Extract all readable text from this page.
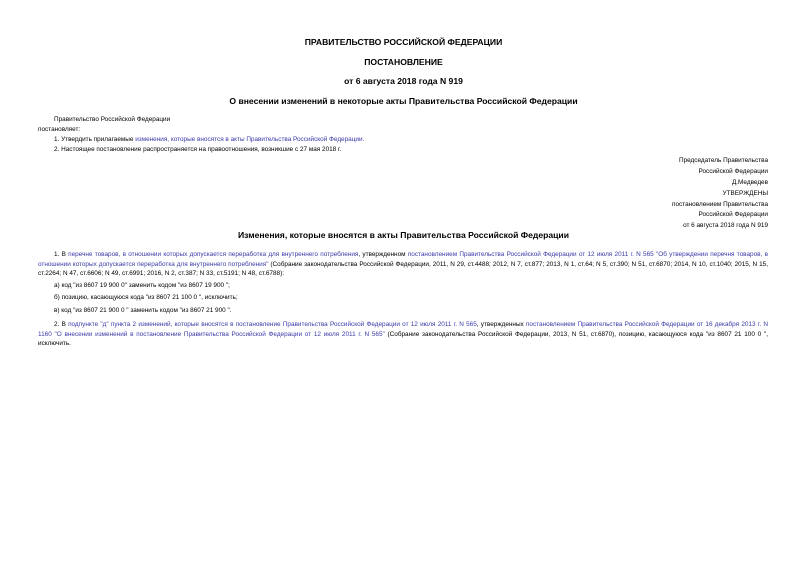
ПРАВИТЕЛЬСТВО РОССИЙСКОЙ ФЕДЕРАЦИИ
ПОСТАНОВЛЕНИЕ
от 6 августа 2018 года N 919
О внесении изменений в некоторые акты Правительства Российской Федерации
Правительство Российской Федерации
постановляет:
1. Утвердить прилагаемые изменения, которые вносятся в акты Правительства Российской Федерации.
2. Настоящее постановление распространяется на правоотношения, возникшие с 27 мая 2018 г.
Председатель Правительства
Российской Федерации
Д.Медведев
УТВЕРЖДЕНЫ
постановлением Правительства
Российской Федерации
от 6 августа 2018 года N 919
Изменения, которые вносятся в акты Правительства Российской Федерации
1. В перечне товаров, в отношении которых допускается переработка для внутреннего потребления, утвержденном постановлением Правительства Российской Федерации от 12 июля 2011 г. N 565 "Об утверждении перечня товаров, в отношении которых допускается переработка для внутреннего потребления" (Собрание законодательства Российской Федерации, 2011, N 29, ст.4488; 2012, N 7, ст.877; 2013, N 1, ст.64; N 5, ст.390; N 51, ст.6870; 2014, N 10, ст.1040; 2015, N 15, ст.2264; N 47, ст.6606; N 49, ст.6991; 2016, N 2, ст.387; N 33, ст.5191; N 48, ст.6788):
а) код "из 8607 19 900 0" заменить кодом "из 8607 19 900 ";
б) позицию, касающуюся кода "из 8607 21 100 0 ", исключить;
в) код "из 8607 21 900 0 " заменить кодом "из 8607 21 900 ".
2. В подпункте "д" пункта 2 изменений, которые вносятся в постановление Правительства Российской Федерации от 12 июля 2011 г. N 565, утвержденных постановлением Правительства Российской Федерации от 16 декабря 2013 г. N 1160 "О внесении изменений в постановление Правительства Российской Федерации от 12 июля 2011 г. N 565" (Собрание законодательства Российской Федерации, 2013, N 51, ст.6870), позицию, касающуюся кода "из 8607 21 100 0 ", исключить.
